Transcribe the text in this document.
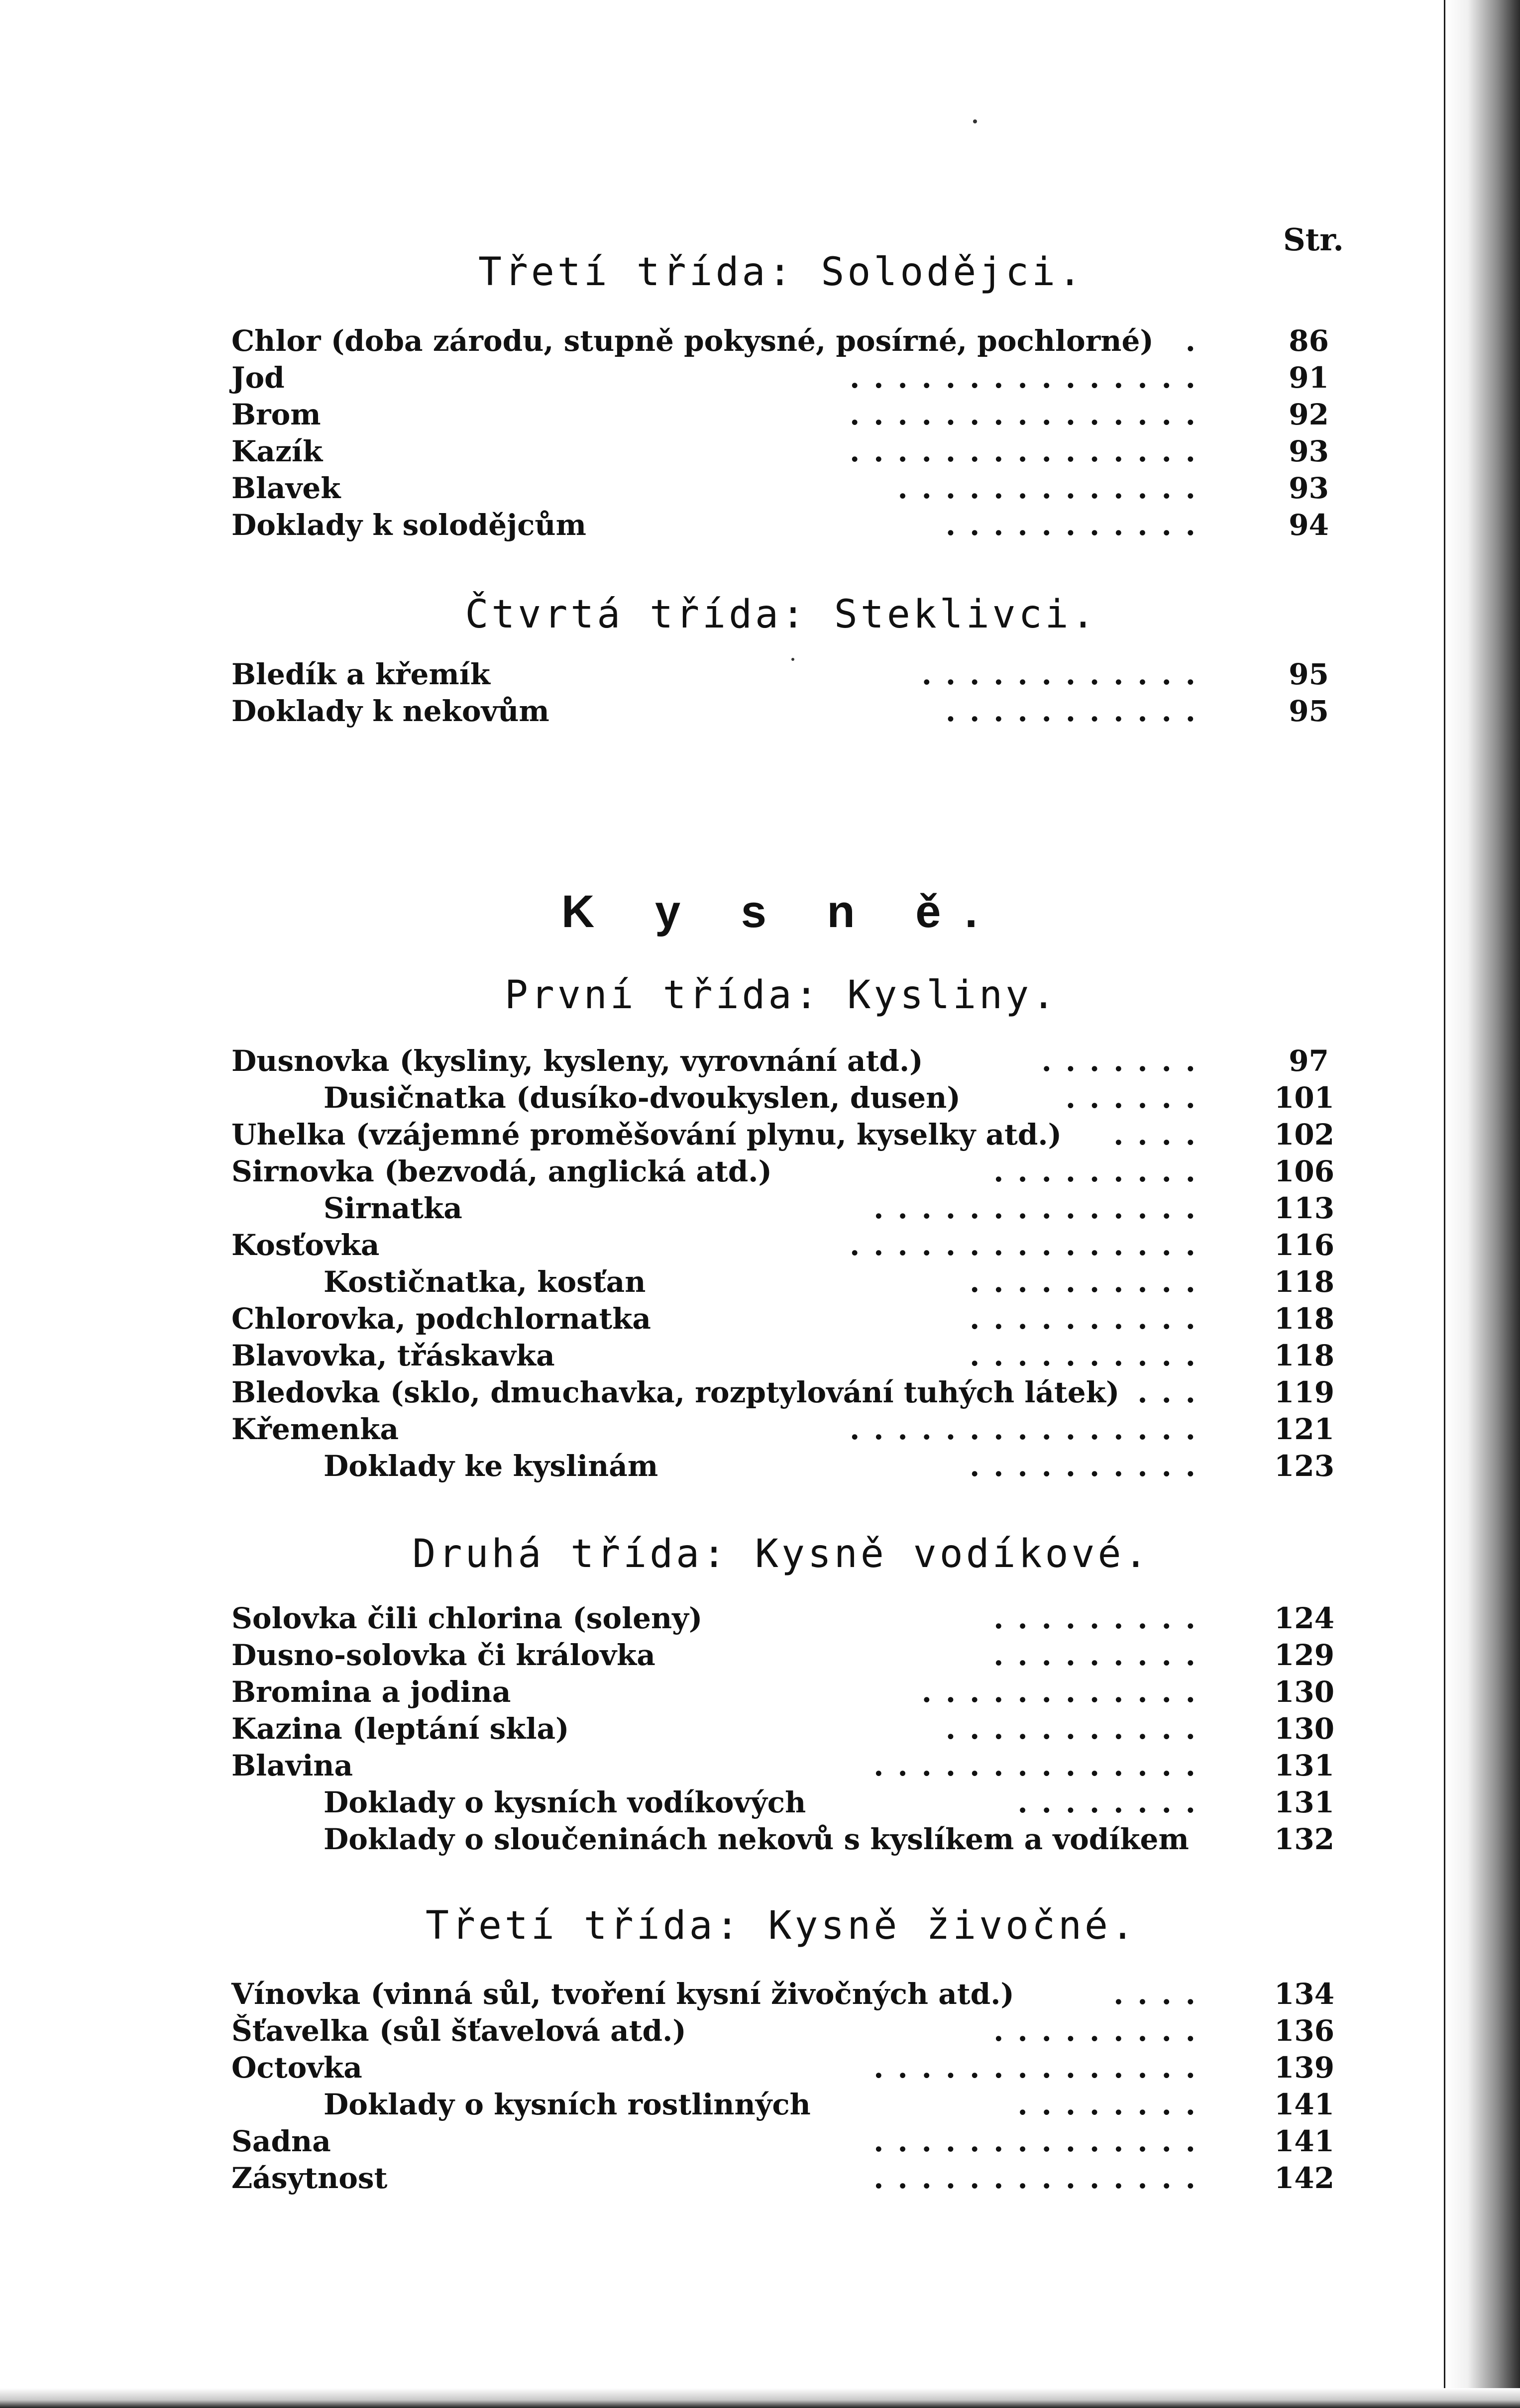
Str.
Třetí třída: Solodějci.
Chlor (doba zárodu, stupně pokysné, posírné, pochlorné) .	86
Jod	...............	91
Brom	...............	92
Kazík	...............	93
Blavek	.............	93
Doklady k solodějcům	...........	94
Čtvrtá třída: Steklivci.
Bledík a křemík	............	95
Doklady k nekovům	...........	95
K y s n ě.
První třída: Kysliny.
Dusnovka (kysliny, kysleny, vyrovnání atd.)	.......	97
Dusičnatka (dusíko-dvoukyslen, dusen)	...... 101
Uhelka (vzájemné proměšování plynu, kyselky atd.) .... 102
Sirnovka (bezvodá, anglická atd.)	......... 106
Sirnatka	.............. 113
Kosťovka	............... 116
Kostičnatka, kosťan	.......... 118
Chlorovka, podchlornatka	.......... 118
Blavovka, třáskavka	.......... 118
Bledovka (sklo, dmuchavka, rozptylování tuhých látek) ... 119
Křemenka	............... 121
Doklady ke kyslinám	.......... 123
Druhá třída: Kysně vodíkové.
Solovka čili chlorina (soleny)	......... 124
Dusno-solovka či královka	......... 129
Bromina a jodina	............ 130
Kazina (leptání skla)	........... 130
Blavina	.............. 131
Doklady o kysních vodíkových	........ 131
Doklady o sloučeninách nekovů s kyslíkem a vodíkem	132
Třetí třída: Kysně živočné.
Vínovka (vinná sůl, tvoření kysní živočných atd.)	.... 134
Šťavelka (sůl šťavelová atd.)	......... 136
Octovka	.............. 139
Doklady o kysních rostlinných	........ 141
Sadna	.............. 141
Zásytnost	.............. 142
